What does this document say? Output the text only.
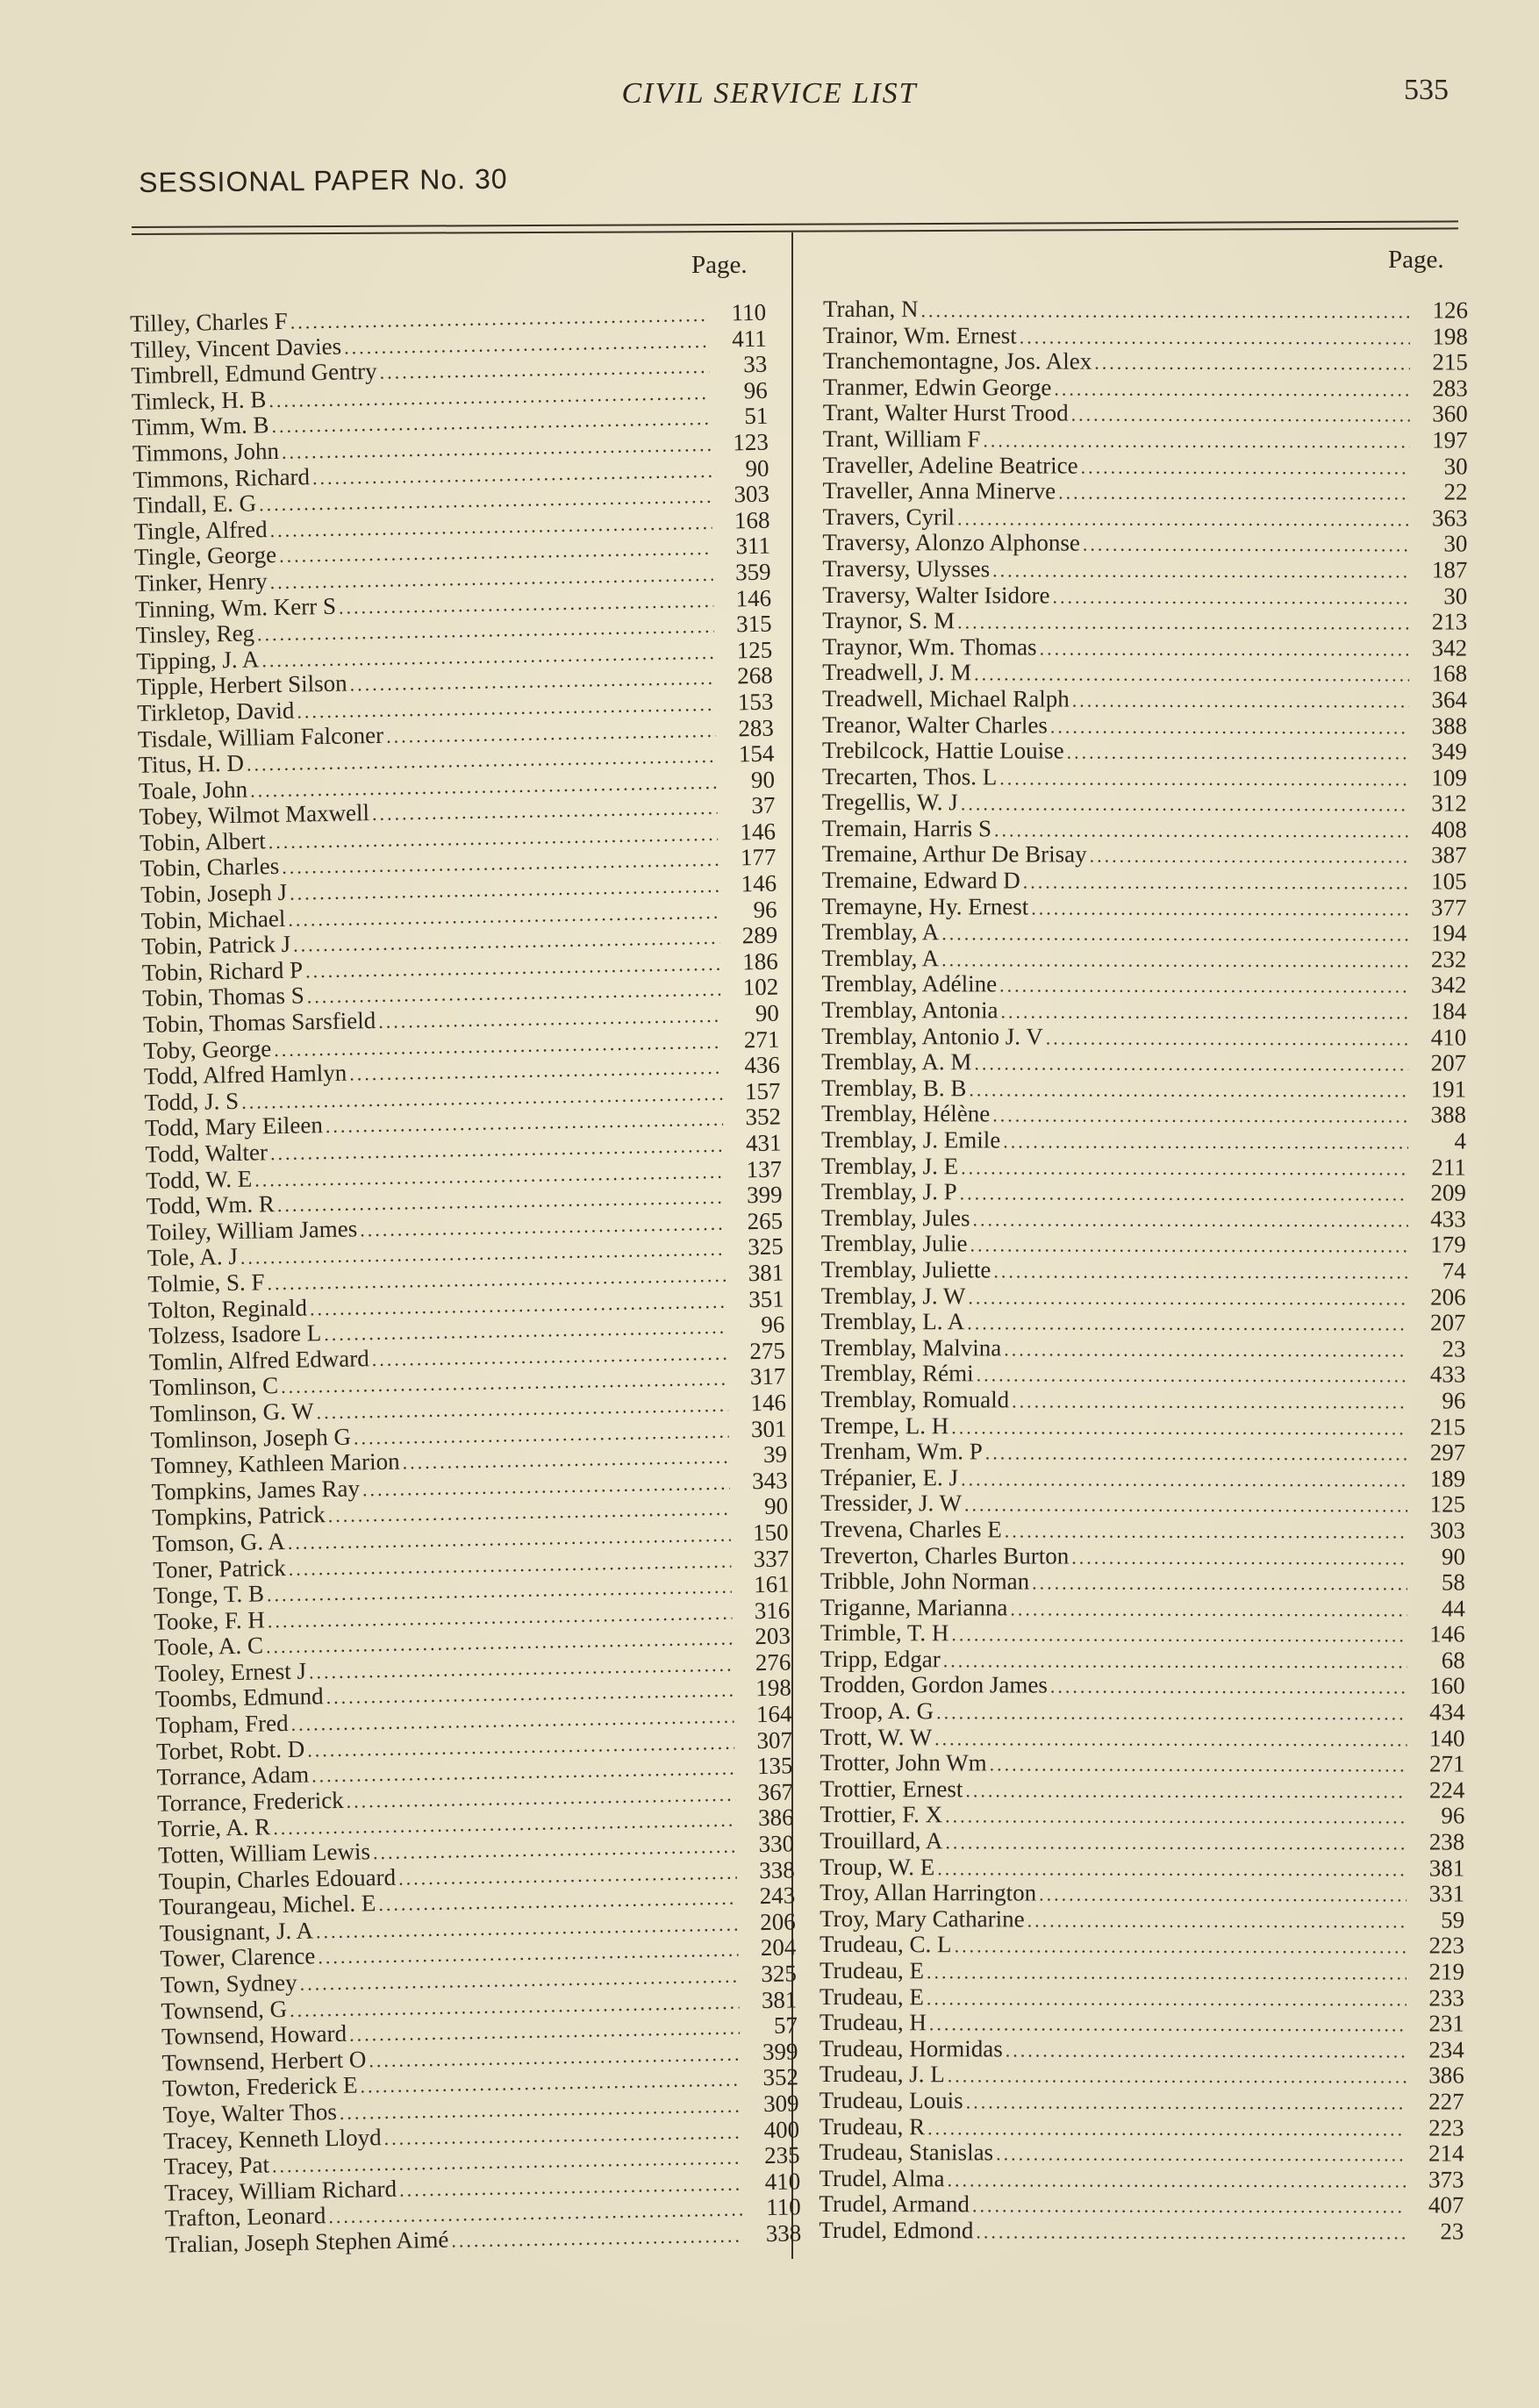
CIVIL SERVICE LIST	535
SESSIONAL PAPER No. 30
Page.	Page.
Tilley, Charles F .....	110
Tilley, Vincent Davies .....	411
Timbrell, Edmund Gentry .....	33
Timleck, H. B .....	96
Timm, Wm. B .....	51
Timmons, John .....	123
Timmons, Richard .....	90
Tindall, E. G .....	303
Tingle, Alfred .....	168
Tingle, George .....	311
Tinker, Henry .....	359
Tinning, Wm. Kerr S .....	146
Tinsley, Reg .....	315
Tipping, J. A .....	125
Tipple, Herbert Silson .....	268
Tirkletop, David .....	153
Tisdale, William Falconer .....	283
Titus, H. D .....	154
Toale, John .....	90
Tobey, Wilmot Maxwell .....	37
Tobin, Albert .....	146
Tobin, Charles .....	177
Tobin, Joseph J .....	146
Tobin, Michael .....	96
Tobin, Patrick J .....	289
Tobin, Richard P .....	186
Tobin, Thomas S .....	102
Tobin, Thomas Sarsfield .....	90
Toby, George .....	271
Todd, Alfred Hamlyn .....	436
Todd, J. S .....	157
Todd, Mary Eileen .....	352
Todd, Walter .....	431
Todd, W. E .....	137
Todd, Wm. R .....	399
Toiley, William James .....	265
Tole, A. J .....	325
Tolmie, S. F .....	381
Tolton, Reginald .....	351
Tolzess, Isadore L .....	96
Tomlin, Alfred Edward .....	275
Tomlinson, C .....	317
Tomlinson, G. W .....	146
Tomlinson, Joseph G .....	301
Tomney, Kathleen Marion .....	39
Tompkins, James Ray .....	343
Tompkins, Patrick .....	90
Tomson, G. A .....	150
Toner, Patrick .....	337
Tonge, T. B .....	161
Tooke, F. H .....	316
Toole, A. C .....	203
Tooley, Ernest J .....	276
Toombs, Edmund .....	198
Topham, Fred .....	164
Torbet, Robt. D .....	307
Torrance, Adam .....	135
Torrance, Frederick .....	367
Torrie, A. R .....	386
Totten, William Lewis .....	330
Toupin, Charles Edouard .....	338
Tourangeau, Michel. E .....	243
Tousignant, J. A .....	206
Tower, Clarence .....	204
Town, Sydney .....	325
Townsend, G .....	381
Townsend, Howard .....	57
Townsend, Herbert O .....	399
Towton, Frederick E .....	352
Toye, Walter Thos .....	309
Tracey, Kenneth Lloyd .....	400
Tracey, Pat .....	235
Tracey, William Richard .....	410
Trafton, Leonard .....	110
Tralian, Joseph Stephen Aimé .....	338
Trahan, N .....	126
Trainor, Wm. Ernest .....	198
Tranchemontagne, Jos. Alex .....	215
Tranmer, Edwin George .....	283
Trant, Walter Hurst Trood .....	360
Trant, William F .....	197
Traveller, Adeline Beatrice .....	30
Traveller, Anna Minerve .....	22
Travers, Cyril .....	363
Traversy, Alonzo Alphonse .....	30
Traversy, Ulysses .....	187
Traversy, Walter Isidore .....	30
Traynor, S. M .....	213
Traynor, Wm. Thomas .....	342
Treadwell, J. M .....	168
Treadwell, Michael Ralph .....	364
Treanor, Walter Charles .....	388
Trebilcock, Hattie Louise .....	349
Trecarten, Thos. L .....	109
Tregellis, W. J .....	312
Tremain, Harris S .....	408
Tremaine, Arthur De Brisay .....	387
Tremaine, Edward D .....	105
Tremayne, Hy. Ernest .....	377
Tremblay, A .....	194
Tremblay, A .....	232
Tremblay, Adéline .....	342
Tremblay, Antonia .....	184
Tremblay, Antonio J. V .....	410
Tremblay, A. M .....	207
Tremblay, B. B .....	191
Tremblay, Hélène .....	388
Tremblay, J. Emile .....	4
Tremblay, J. E .....	211
Tremblay, J. P .....	209
Tremblay, Jules .....	433
Tremblay, Julie .....	179
Tremblay, Juliette .....	74
Tremblay, J. W .....	206
Tremblay, L. A .....	207
Tremblay, Malvina .....	23
Tremblay, Rémi .....	433
Tremblay, Romuald .....	96
Trempe, L. H .....	215
Trenham, Wm. P .....	297
Trépanier, E. J .....	189
Tressider, J. W .....	125
Trevena, Charles E .....	303
Treverton, Charles Burton .....	90
Tribble, John Norman .....	58
Triganne, Marianna .....	44
Trimble, T. H .....	146
Tripp, Edgar .....	68
Trodden, Gordon James .....	160
Troop, A. G .....	434
Trott, W. W .....	140
Trotter, John Wm .....	271
Trottier, Ernest .....	224
Trottier, F. X .....	96
Trouillard, A .....	238
Troup, W. E .....	381
Troy, Allan Harrington .....	331
Troy, Mary Catharine .....	59
Trudeau, C. L .....	223
Trudeau, E .....	219
Trudeau, E .....	233
Trudeau, H .....	231
Trudeau, Hormidas .....	234
Trudeau, J. L .....	386
Trudeau, Louis .....	227
Trudeau, R .....	223
Trudeau, Stanislas .....	214
Trudel, Alma .....	373
Trudel, Armand .....	407
Trudel, Edmond .....	23
